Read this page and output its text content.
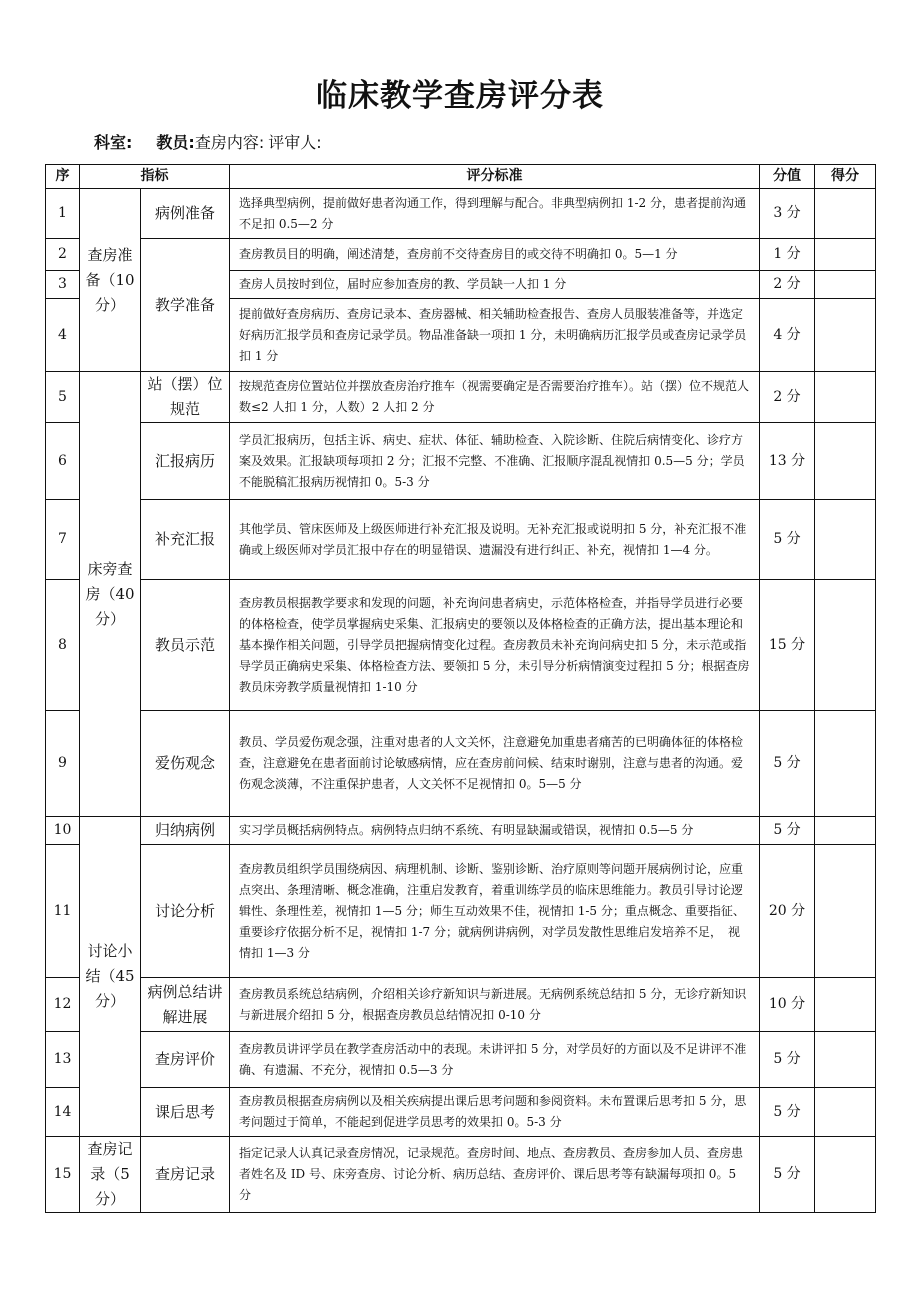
临床教学查房评分表
科室: 教员:查房内容: 评审人:
序	指标		评分标准	分值	得分
1	查房准备（10分）	病例准备	选择典型病例，提前做好患者沟通工作，得到理解与配合。非典型病例扣 1-2 分，患者提前沟通不足扣 0.5—2 分	3 分	
2		教学准备	查房教员目的明确，阐述清楚，查房前不交待查房目的或交待不明确扣 0。5—1 分	1 分	
3			查房人员按时到位，届时应参加查房的教、学员缺一人扣 1 分	2 分	
4			提前做好查房病历、查房记录本、查房器械、相关辅助检查报告、查房人员服装准备等，并选定好病历汇报学员和查房记录学员。物品准备缺一项扣 1 分，未明确病历汇报学员或查房记录学员扣 1 分	4 分	
5	床旁查房（40分）	站（摆）位规范	按规范查房位置站位并摆放查房治疗推车（视需要确定是否需要治疗推车）。站（摆）位不规范人数≤2 人扣 1 分，人数）2 人扣 2 分	2 分	
6		汇报病历	学员汇报病历，包括主诉、病史、症状、体征、辅助检查、入院诊断、住院后病情变化、诊疗方案及效果。汇报缺项每项扣 2 分；汇报不完整、不准确、汇报顺序混乱视情扣 0.5—5 分；学员不能脱稿汇报病历视情扣 0。5-3 分	13 分	
7		补充汇报	其他学员、管床医师及上级医师进行补充汇报及说明。无补充汇报或说明扣 5 分，补充汇报不准确或上级医师对学员汇报中存在的明显错误、遗漏没有进行纠正、补充，视情扣 1—4 分。	5 分	
8		教员示范	查房教员根据教学要求和发现的问题，补充询问患者病史，示范体格检查，并指导学员进行必要的体格检查，使学员掌握病史采集、汇报病史的要领以及体格检查的正确方法，提出基本理论和基本操作相关问题，引导学员把握病情变化过程。查房教员未补充询问病史扣 5 分，未示范或指导学员正确病史采集、体格检查方法、要领扣 5 分，未引导分析病情演变过程扣 5 分；根据查房教员床旁教学质量视情扣 1-10 分	15 分	
9		爱伤观念	教员、学员爱伤观念强，注重对患者的人文关怀，注意避免加重患者痛苦的已明确体征的体格检查，注意避免在患者面前讨论敏感病情，应在查房前问候、结束时谢别，注意与患者的沟通。爱伤观念淡薄，不注重保护患者，人文关怀不足视情扣 0。5—5 分	5 分	
10	讨论小结（45分）	归纳病例	实习学员概括病例特点。病例特点归纳不系统、有明显缺漏或错误，视情扣 0.5—5 分	5 分	
11		讨论分析	查房教员组织学员围绕病因、病理机制、诊断、鉴别诊断、治疗原则等问题开展病例讨论，应重点突出、条理清晰、概念准确，注重启发教育，着重训练学员的临床思维能力。教员引导讨论逻辑性、条理性差，视情扣 1—5 分；师生互动效果不佳，视情扣 1-5 分；重点概念、重要指征、重要诊疗依据分析不足，视情扣 1-7 分；就病例讲病例，对学员发散性思维启发培养不足，　视情扣 1—3 分	20 分	
12		病例总结讲解进展	查房教员系统总结病例，介绍相关诊疗新知识与新进展。无病例系统总结扣 5 分，无诊疗新知识与新进展介绍扣 5 分，根据查房教员总结情况扣 0-10 分	10 分	
13		查房评价	查房教员讲评学员在教学查房活动中的表现。未讲评扣 5 分，对学员好的方面以及不足讲评不准确、有遗漏、不充分，视情扣 0.5—3 分	5 分	
14		课后思考	查房教员根据查房病例以及相关疾病提出课后思考问题和参阅资料。未布置课后思考扣 5 分，思考问题过于简单，不能起到促进学员思考的效果扣 0。5-3 分	5 分	
15	查房记录（5分）	查房记录	指定记录人认真记录查房情况，记录规范。查房时间、地点、查房教员、查房参加人员、查房患者姓名及 ID 号、床旁查房、讨论分析、病历总结、查房评价、课后思考等有缺漏每项扣 0。5 分	5 分	
